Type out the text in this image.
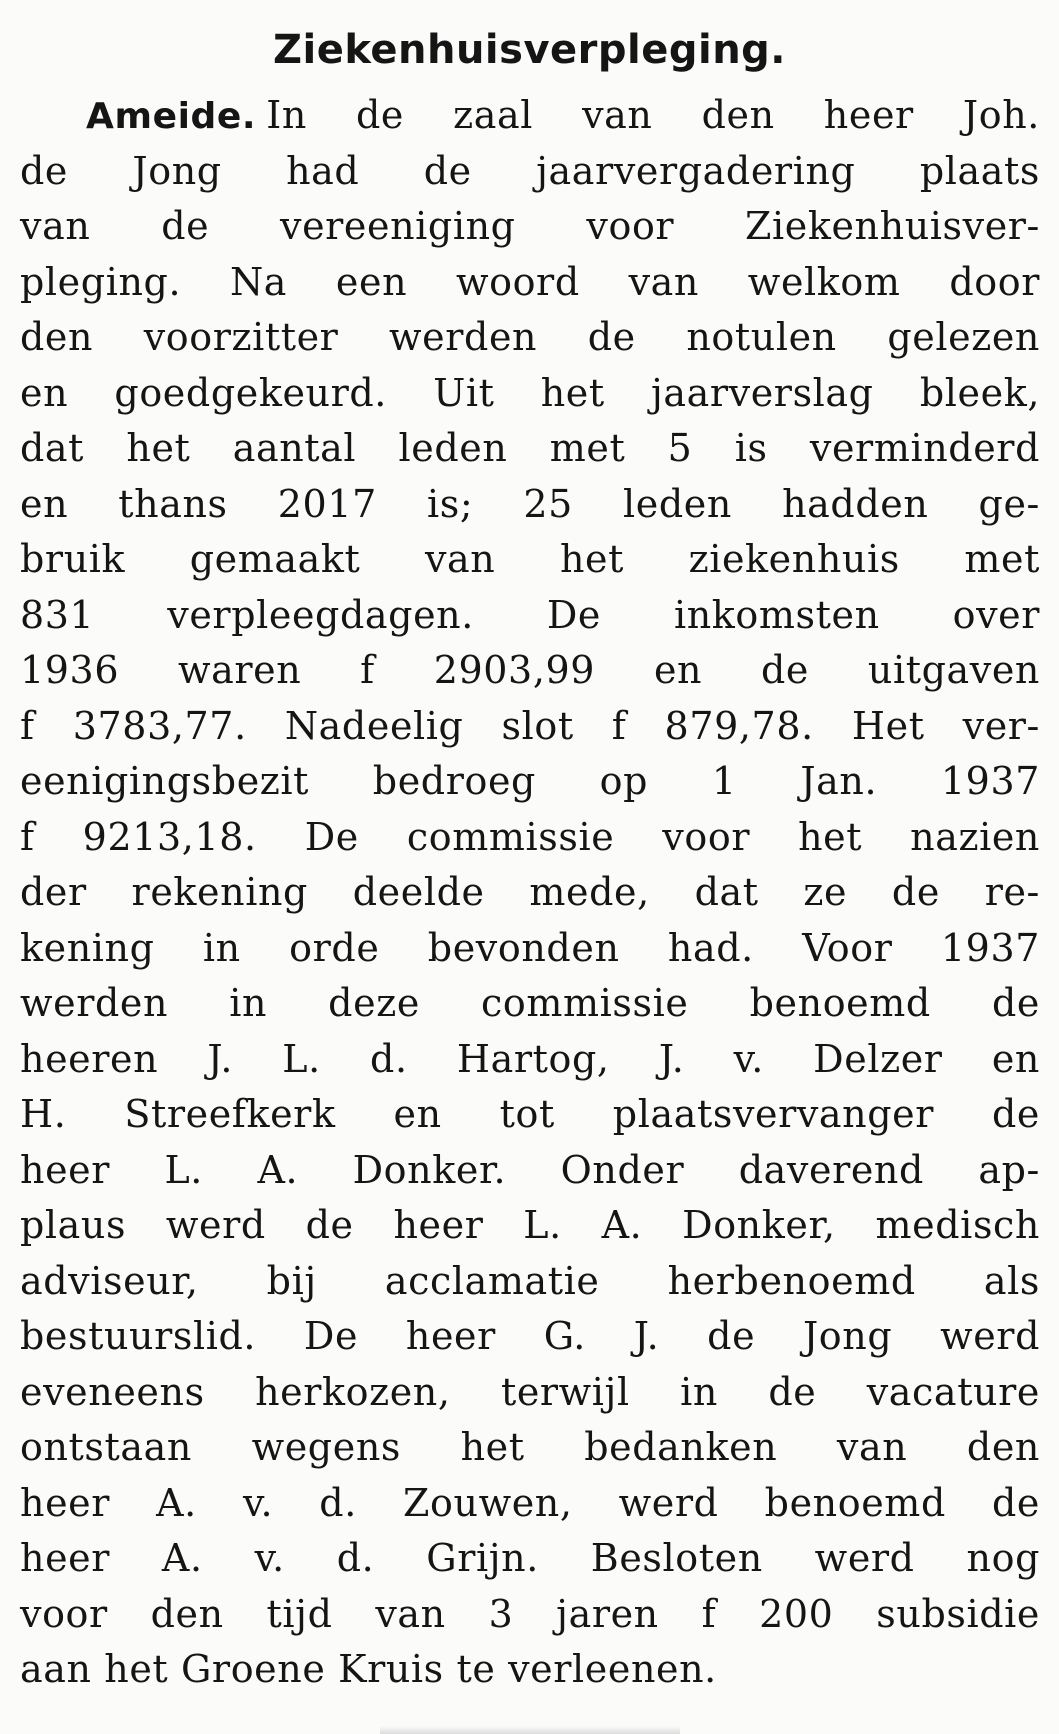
Ziekenhuisverpleging.
Ameide. In de zaal van den heer Joh.
de Jong had de jaarvergadering plaats
van de vereeniging voor Ziekenhuisver-
pleging. Na een woord van welkom door
den voorzitter werden de notulen gelezen
en goedgekeurd. Uit het jaarverslag bleek,
dat het aantal leden met 5 is verminderd
en thans 2017 is; 25 leden hadden ge-
bruik gemaakt van het ziekenhuis met
831 verpleegdagen. De inkomsten over
1936 waren f 2903,99 en de uitgaven
f 3783,77. Nadeelig slot f 879,78. Het ver-
eenigingsbezit bedroeg op 1 Jan. 1937
f 9213,18. De commissie voor het nazien
der rekening deelde mede, dat ze de re-
kening in orde bevonden had. Voor 1937
werden in deze commissie benoemd de
heeren J. L. d. Hartog, J. v. Delzer en
H. Streefkerk en tot plaatsvervanger de
heer L. A. Donker. Onder daverend ap-
plaus werd de heer L. A. Donker, medisch
adviseur, bij acclamatie herbenoemd als
bestuurslid. De heer G. J. de Jong werd
eveneens herkozen, terwijl in de vacature
ontstaan wegens het bedanken van den
heer A. v. d. Zouwen, werd benoemd de
heer A. v. d. Grijn. Besloten werd nog
voor den tijd van 3 jaren f 200 subsidie
aan het Groene Kruis te verleenen.
